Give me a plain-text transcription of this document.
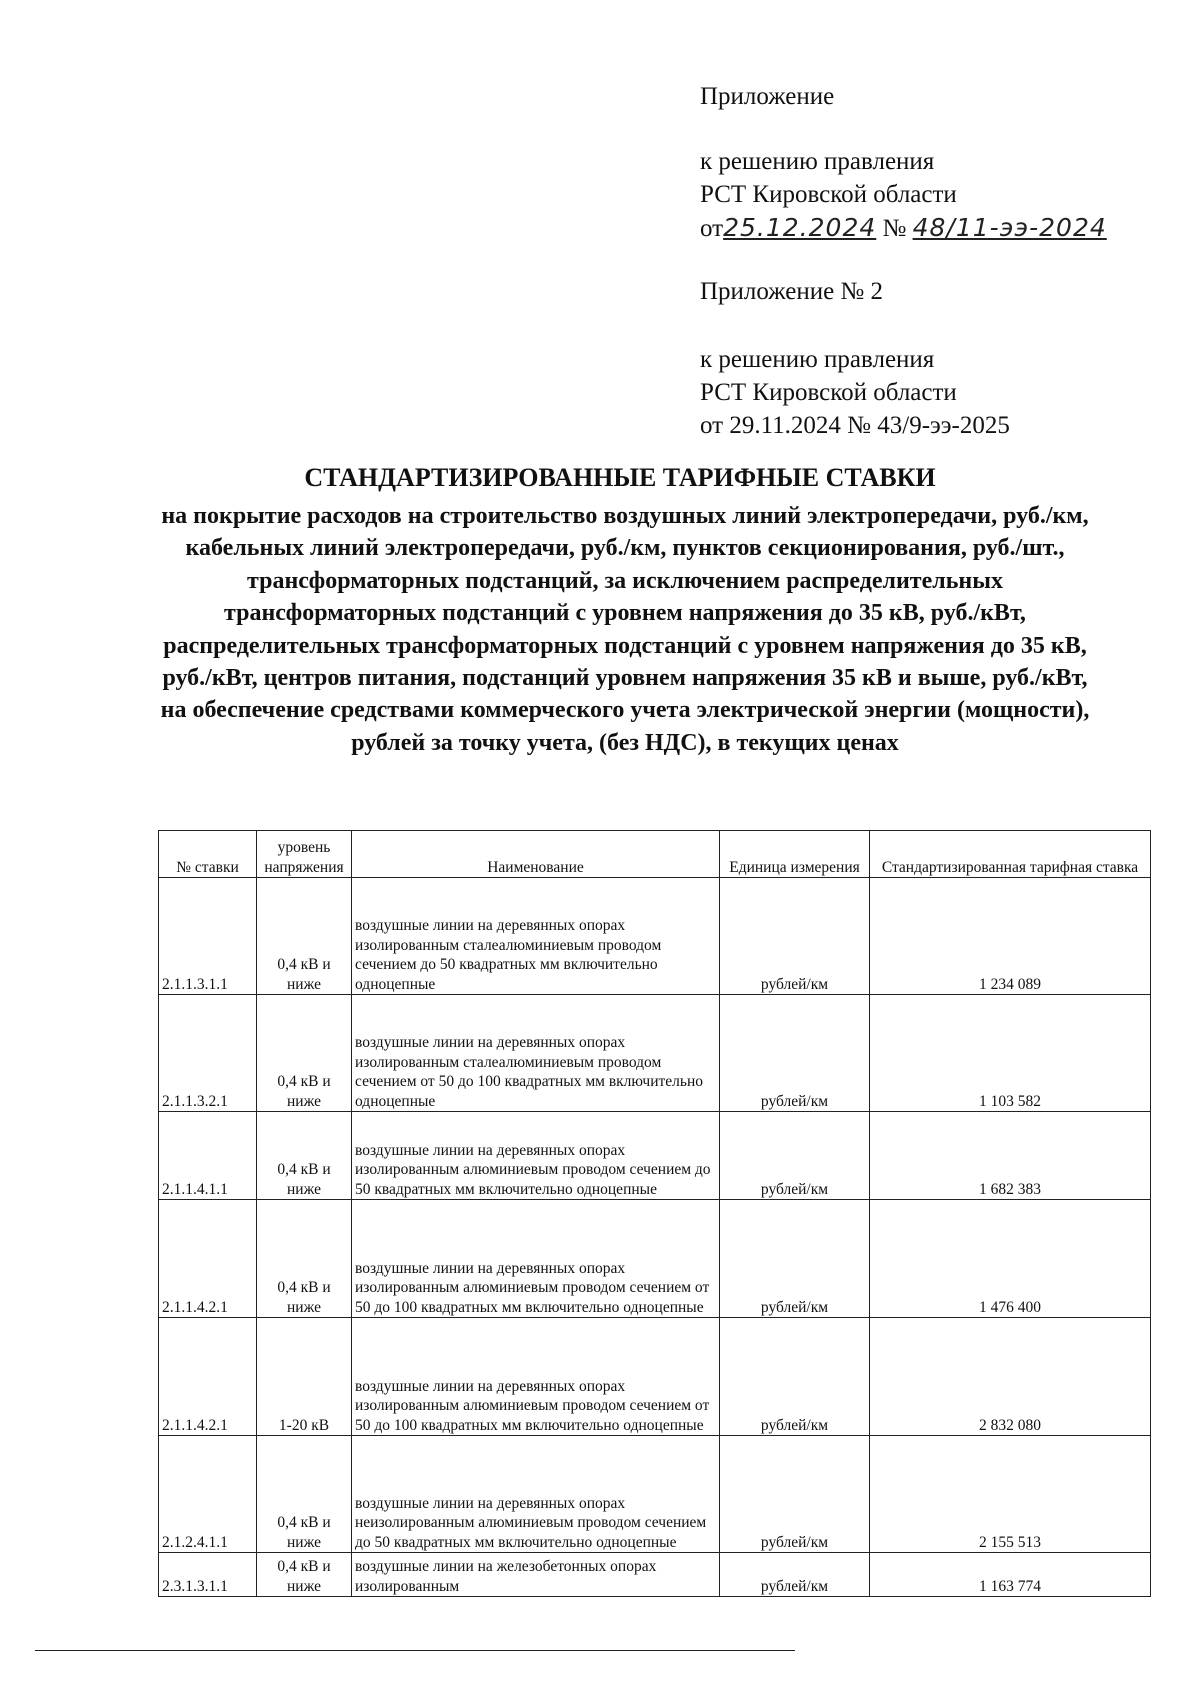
Приложение
к решению правления
РСТ Кировской области
от25.12.2024 № 48/11-ээ-2024
Приложение № 2
к решению правления
РСТ Кировской области
от 29.11.2024 № 43/9-ээ-2025
СТАНДАРТИЗИРОВАННЫЕ ТАРИФНЫЕ СТАВКИ
на покрытие расходов на строительство воздушных линий электропередачи, руб./км, кабельных линий электропередачи, руб./км, пунктов секционирования, руб./шт., трансформаторных подстанций, за исключением распределительных трансформаторных подстанций с уровнем напряжения до 35 кВ, руб./кВт, распределительных трансформаторных подстанций с уровнем напряжения до 35 кВ, руб./кВт, центров питания, подстанций уровнем напряжения 35 кВ и выше, руб./кВт, на обеспечение средствами коммерческого учета электрической энергии (мощности), рублей за точку учета, (без НДС), в текущих ценах
№ ставки	уровень напряжения	Наименование	Единица измерения	Стандартизированная тарифная ставка
2.1.1.3.1.1	0,4 кВ и ниже	воздушные линии на деревянных опорах изолированным сталеалюминиевым проводом сечением до 50 квадратных мм включительно одноцепные	рублей/км	1 234 089
2.1.1.3.2.1	0,4 кВ и ниже	воздушные линии на деревянных опорах изолированным сталеалюминиевым проводом сечением от 50 до 100 квадратных мм включительно одноцепные	рублей/км	1 103 582
2.1.1.4.1.1	0,4 кВ и ниже	воздушные линии на деревянных опорах изолированным алюминиевым проводом сечением до 50 квадратных мм включительно одноцепные	рублей/км	1 682 383
2.1.1.4.2.1	0,4 кВ и ниже	воздушные линии на деревянных опорах изолированным алюминиевым проводом сечением от 50 до 100 квадратных мм включительно одноцепные	рублей/км	1 476 400
2.1.1.4.2.1	1-20 кВ	воздушные линии на деревянных опорах изолированным алюминиевым проводом сечением от 50 до 100 квадратных мм включительно одноцепные	рублей/км	2 832 080
2.1.2.4.1.1	0,4 кВ и ниже	воздушные линии на деревянных опорах неизолированным алюминиевым проводом сечением до 50 квадратных мм включительно одноцепные	рублей/км	2 155 513
2.3.1.3.1.1	0,4 кВ и ниже	воздушные линии на железобетонных опорах изолированным	рублей/км	1 163 774
